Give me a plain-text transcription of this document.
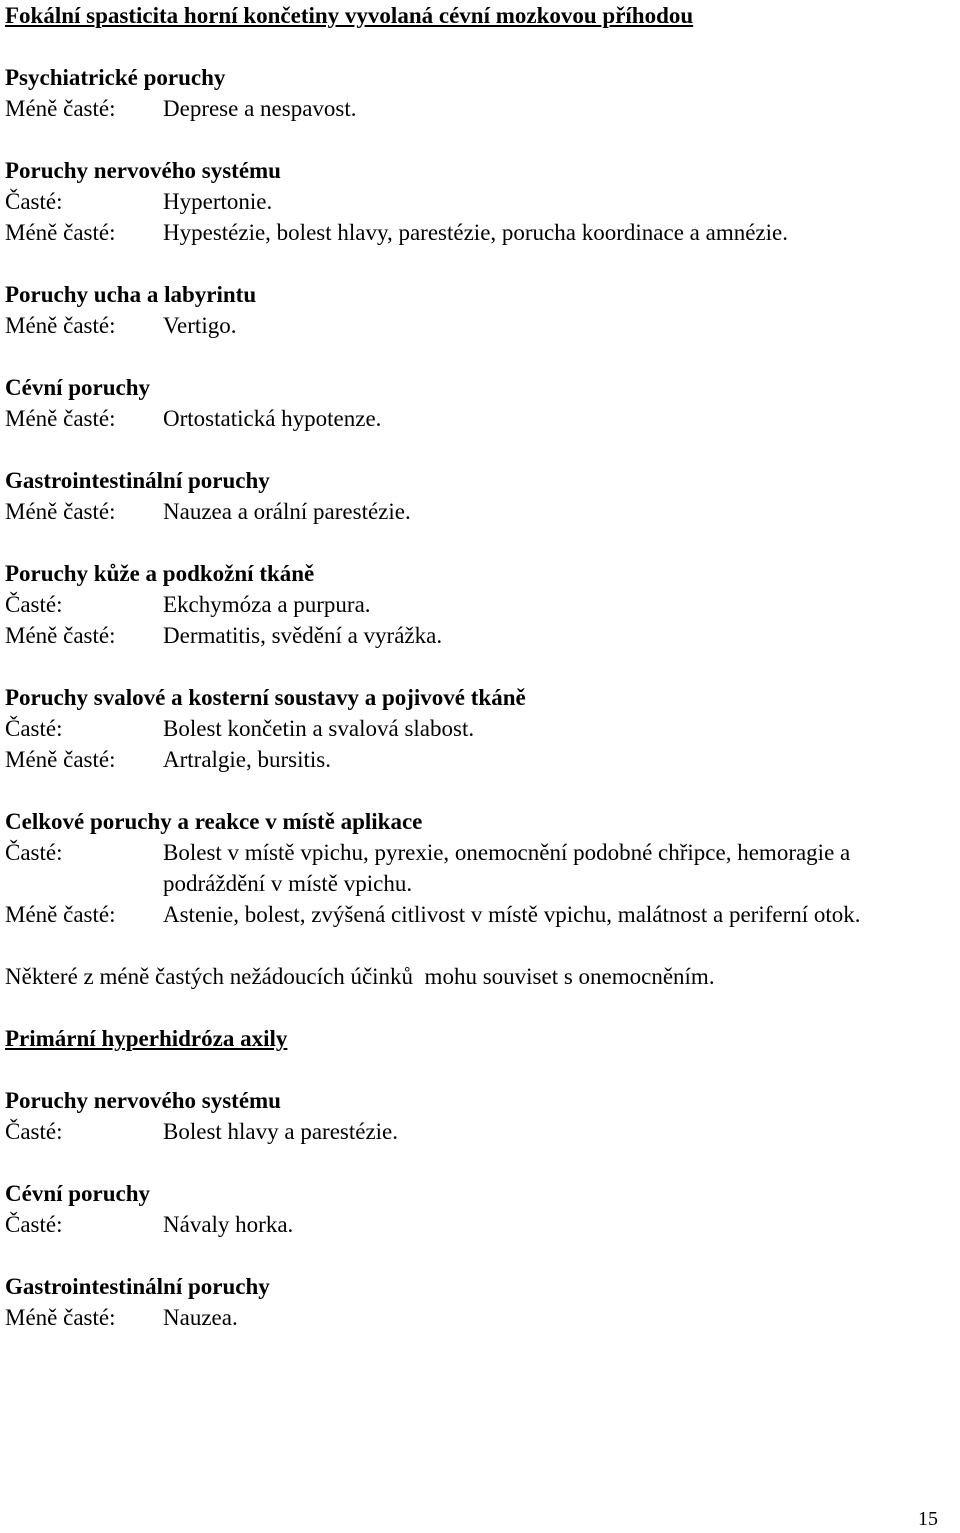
Fokální spasticita horní končetiny vyvolaná cévní mozkovou příhodou
Psychiatrické poruchy
Méně časté:	Deprese a nespavost.
Poruchy nervového systému
Časté:	Hypertonie.
Méně časté:	Hypestézie, bolest hlavy, parestézie, porucha koordinace a amnézie.
Poruchy ucha a labyrintu
Méně časté:	Vertigo.
Cévní poruchy
Méně časté:	Ortostatická hypotenze.
Gastrointestinální poruchy
Méně časté:	Nauzea a orální parestézie.
Poruchy kůže a podkožní tkáně
Časté:	Ekchymóza a purpura.
Méně časté:	Dermatitis, svědění a vyrážka.
Poruchy svalové a kosterní soustavy a pojivové tkáně
Časté:	Bolest končetin a svalová slabost.
Méně časté:	Artralgie, bursitis.
Celkové poruchy a reakce v místě aplikace
Časté:	Bolest v místě vpichu, pyrexie, onemocnění podobné chřipce, hemoragie a podráždění v místě vpichu.
Méně časté:	Astenie, bolest, zvýšená citlivost v místě vpichu, malátnost a periferní otok.
Některé z méně častých nežádoucích účinků  mohu souviset s onemocněním.
Primární hyperhidróza axily
Poruchy nervového systému
Časté:	Bolest hlavy a parestézie.
Cévní poruchy
Časté:	Návaly horka.
Gastrointestinální poruchy
Méně časté:	Nauzea.
15
